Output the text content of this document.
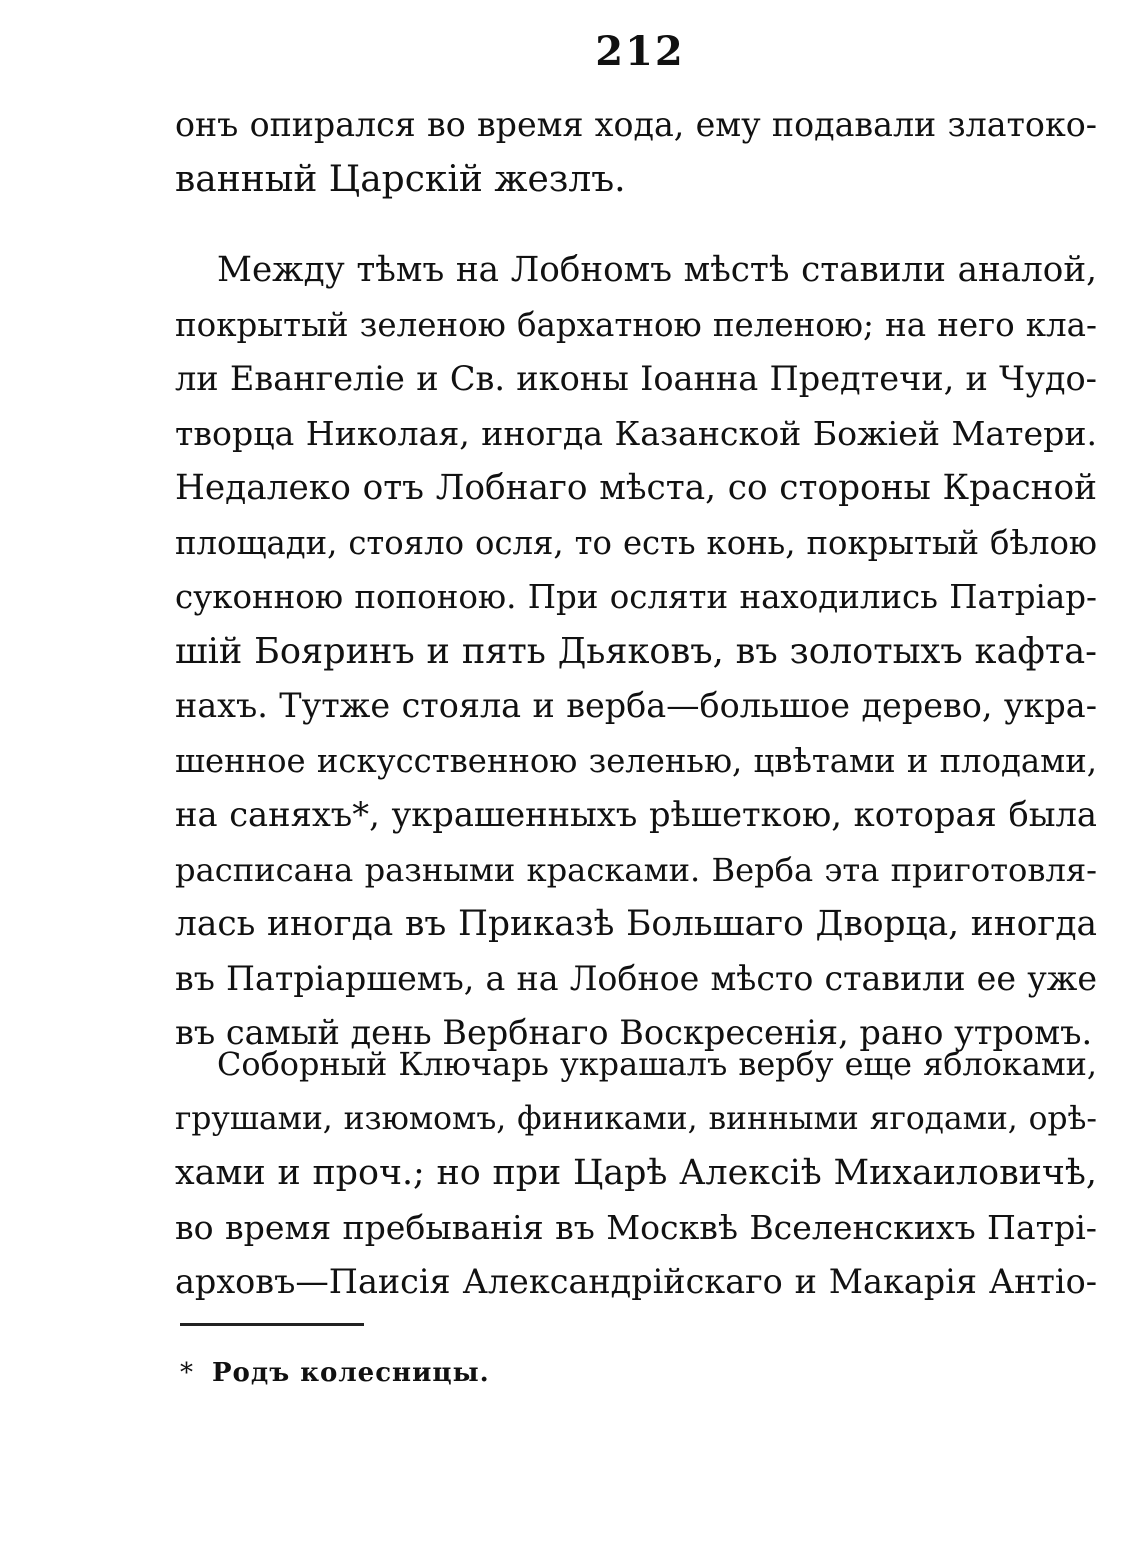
212
онъ опирался во время хода, ему подавали златоко-
ванный Царскій жезлъ.
Между тѣмъ на Лобномъ мѣстѣ ставили аналой,
покрытый зеленою бархатною пеленою; на него кла-
ли Евангеліе и Св. иконы Іоанна Предтечи, и Чудо-
творца Николая, иногда Казанской Божіей Матери.
Недалеко отъ Лобнаго мѣста, со стороны Красной
площади, стояло осля, то есть конь, покрытый бѣлою
суконною попоною. При осляти находились Патріар-
шій Бояринъ и пять Дьяковъ, въ золотыхъ кафта-
нахъ. Тутже стояла и верба—большое дерево, укра-
шенное искусственною зеленью, цвѣтами и плодами,
на саняхъ*, украшенныхъ рѣшеткою, которая была
расписана разными красками. Верба эта приготовля-
лась иногда въ Приказѣ Большаго Дворца, иногда
въ Патріаршемъ, а на Лобное мѣсто ставили ее уже
въ самый день Вербнаго Воскресенія, рано утромъ.
Соборный Ключарь украшалъ вербу еще яблоками,
грушами, изюмомъ, финиками, винными ягодами, орѣ-
хами и проч.; но при Царѣ Алексіѣ Михаиловичѣ,
во время пребыванія въ Москвѣ Вселенскихъ Патрі-
арховъ—Паисія Александрійскаго и Макарія Антіо-
* Родъ колесницы.
